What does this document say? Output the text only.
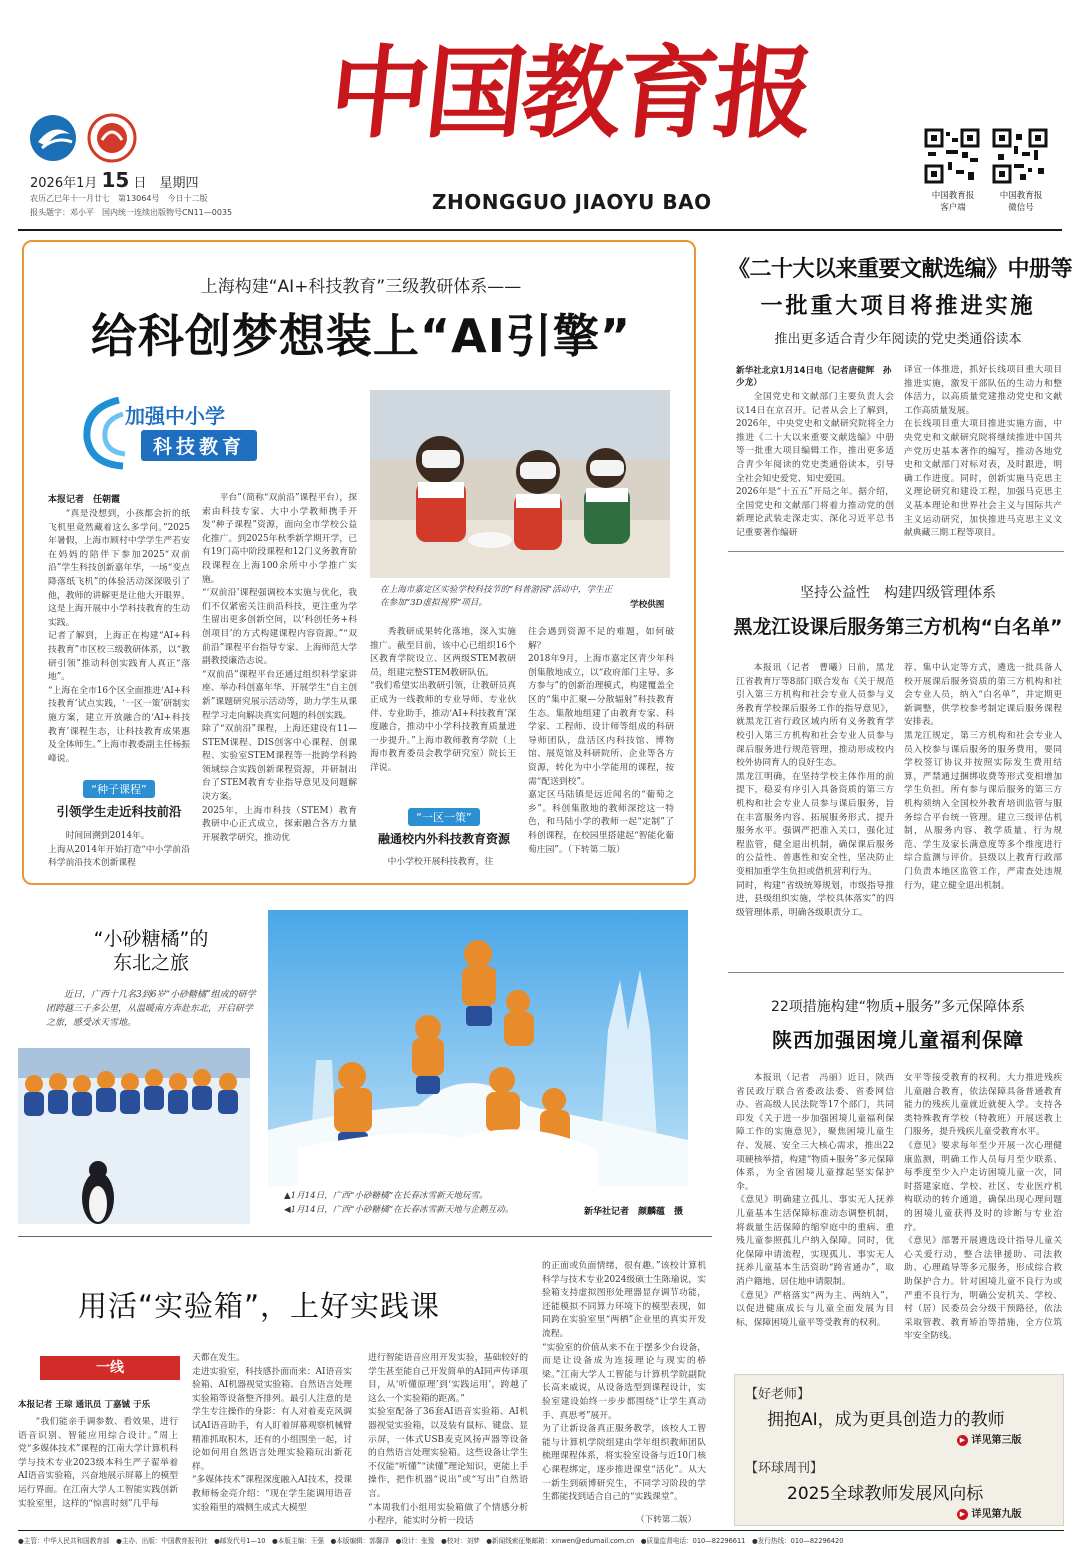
2026年1月 15 日　 星期四
农历乙巳年十一月廿七　第13064号　今日十二版
报头题字：邓小平　国内统一连续出版物号CN11—0035
中国教育报
ZHONGGUO JIAOYU BAO	中国教育报
客户端
中国教育报
微信号
上海构建“AI+科技教育”三级教研体系——
给科创梦想装上“AI引擎”
加强中小学
科技教育
在上海市嘉定区实验学校科技节的“科普游园”活动中，学生正在参加“3D虚拟视界”项目。	学校供图
本报记者　任朝霞
“真是没想到，小孩都会折的纸飞机里竟然藏着这么多学问。”2025年暑假，上海市顾村中学学生严若安在妈妈的陪伴下参加2025“双前沿”学生科技创新嘉年华，一场“变点降落纸飞机”的体验活动深深吸引了他，教师的讲解更是让他大开眼界。这是上海开展中小学科技教育的生动实践。
记者了解到，上海正在构建“AI+科技教育”市区校三级教研体系，以“教研引领”推动科创实践育人真正“落地”。
“上海在全市16个区全面推进‘AI+科技教育’试点实践，‘一区一策’研制实施方案，建立开放融合的‘AI+科技教育’课程生态，让科技教育成果惠及全体师生。”上海市教委副主任杨振峰说。
“种子课程”
引领学生走近科技前沿
时间回溯到2014年。
上海从2014年开始打造“中小学前沿科学前沿技术创新课程
平台”（简称“双前沿”课程平台），探索由科技专家、大中小学教师携手开发“种子课程”资源，面向全市学校公益化推广。到2025年秋季新学期开学，已有19门高中阶段课程和12门义务教育阶段课程在上海100余所中小学推广实施。
“‘双前沿’课程强调校本实施与优化，我们不仅紧密关注前沿科技，更注重为学生留出更多创新空间，以‘科创任务+科创项目’的方式构建课程内容资源。”“双前沿”课程平台指导专家、上海师范大学副教授廉浩志说。
“双前沿”课程平台还通过组织科学家讲座、举办科创嘉年华、开展学生“自主创新”课题研究展示活动等，助力学生从课程学习走向解决真实问题的科创实践。
除了“双前沿”课程，上海还建设有11—STEM课程、DIS创客中心课程、创课程、实验室STEM课程等一批跨学科跨领域综合实践创新课程资源，并研制出台了STEM教育专业指导意见及问题解决方案。
2025年，上海市科技（STEM）教育教研中心正式成立，探索融合各方力量开展教学研究，推动优
秀教研成果转化落地，深入实施推广。截至目前，该中心已组织16个区教育学院设立、区两级STEM教研员，组建完整STEM教研队伍。
“我们希望实出教研引领，让教研员真正成为一线教师的专业导师、专业伙伴、专业助手，推动‘AI+科技教育’深度融合，推动中小学科技教育质量进一步提升。”上海市教师教育学院（上海市教育委员会教学研究室）院长王洋说。
“一区一策”
融通校内外科技教育资源
中小学校开展科技教育，往
往会遇到资源不足的难题，如何破解？
2018年9月，上海市嘉定区青少年科创集散地成立，以“政府部门主导、多方参与”的创新治理模式，构建覆盖全区的“集中汇聚—分散辐射”科技教育生态。集散地组建了由教育专家、科学家、工程师、设计师等组成的科研导师团队，盘活区内科技馆、博物馆、展览馆及科研院所、企业等各方资源，转化为中小学能用的课程，按需“配送到校”。
嘉定区马陆镇是远近闻名的“葡萄之乡”。科创集散地的教师深挖这一特色，和马陆小学的教师一起“定制”了科创课程，在校园里搭建起“智能化葡萄庄园”。（下转第二版）
《二十大以来重要文献选编》中册等
一批重大项目将推进实施
推出更多适合青少年阅读的党史类通俗读本
新华社北京1月14日电（记者唐健辉　孙少龙）
全国党史和文献部门主要负责人会议14日在京召开。记者从会上了解到，2026年，中央党史和文献研究院将全力推进《二十大以来重要文献选编》中册等一批重大项目编辑工作，推出更多适合青少年阅读的党史类通俗读本，引导全社会知史爱党、知史爱国。
2026年是“十五五”开局之年。据介绍，全国党史和文献部门将着力推动党的创新理论武装走深走实、深化习近平总书记重要著作编研
译宣一体推进，抓好长线项目重大项目推进实施，激发干部队伍的生动力和整体活力，以高质量党建推动党史和文献工作高质量发展。
在长线项目重大项目推进实施方面，中央党史和文献研究院将继续推进中国共产党历史基本著作的编写，推动各地党史和文献部门对标对表，及时跟进，明确工作进度。同时，创新实施马克思主义理论研究和建设工程，加强马克思主义基本理论和世界社会主义与国际共产主义运动研究，加快推进马克思主义文献典藏三期工程等项目。
坚持公益性　构建四级管理体系
黑龙江设课后服务第三方机构“白名单”
本报讯（记者　曹曦）日前，黑龙江省教育厅等8部门联合发布《关于规范引入第三方机构和社会专业人员参与义务教育学校课后服务工作的指导意见》，就黑龙江省行政区域内所有义务教育学校引入第三方机构和社会专业人员参与课后服务进行规范管理，推动形成校内校外协同育人的良好生态。
黑龙江明确，在坚持学校主体作用的前提下，稳妥有序引入具备资质的第三方机构和社会专业人员参与课后服务，旨在丰富服务内容、拓展服务形式、提升服务水平。强调严把准入关口，强化过程监管，健全退出机制，确保课后服务的公益性、普惠性和安全性，坚决防止变相加重学生负担或借机营利行为。
同时，构建“省级统筹规划，市级指导推进，县级组织实施，学校具体落实”的四级管理体系，明确各级职责分工。
荐、集中认定等方式，遴选一批具备人校开展课后服务资质的第三方机构和社会专业人员，纳入“白名单”，并定期更新调整，供学校参考制定课后服务课程安排表。
黑龙江规定，第三方机构和社会专业人员入校参与课后服务的服务费用，要同学校签订协议并按照实际发生费用结算，严禁通过捆绑收费等形式变相增加学生负担。所有参与课后服务的第三方机构须纳入全国校外教育培训监管与服务综合平台统一管理。建立三级评估机制，从服务内容、教学质量、行为规范、学生及家长满意度等多个维度进行综合监测与评价。县级以上教育行政部门负责本地区监管工作，严肃查处违规行为，建立健全退出机制。
22项措施构建“物质+服务”多元保障体系
陕西加强困境儿童福利保障
本报讯（记者　冯丽）近日，陕西省民政厅联合省委政法委、省委网信办、省高级人民法院等17个部门，共同印发《关于进一步加强困境儿童福利保障工作的实施意见》，聚焦困境儿童生存、发展、安全三大核心需求，推出22项硬核举措，构建“物质+服务”多元保障体系，为全省困境儿童撑起坚实保护伞。
《意见》明确建立孤儿、事实无人抚养儿童基本生活保障标准动态调整机制，将裁量生活保障的缩窄庭中的重病、重残儿童参照孤儿户纳入保障。同时，优化保障申请流程，实现孤儿、事实无人抚养儿童基本生活资助“跨省通办”，取消户籍地、居住地申请限制。
《意见》严格落实“两为主、两纳入”，以促进健康成长与儿童全面发展为目标，保障困境儿童平等受教育的权利。
女平等接受教育的权利。大力推进残疾儿童融合教育，依法保障具备普通教育能力的残疾儿童就近就便入学。支持各类特殊教育学校（特教班）开展送教上门服务，提升残疾儿童受教育水平。
《意见》要求每年至少开展一次心理健康监测，明确工作人员每月至少联系、每季度至少入户走访困境儿童一次，同时搭建家庭、学校、社区、专业医疗机构联动的转介通道，确保出现心理问题的困境儿童获得及时的诊断与专业治疗。
《意见》部署开展遴选设计指导儿童关心关爱行动，整合法律援助、司法救助、心理疏导等多元服务，形成综合救助保护合力。针对困境儿童不良行为或严重不良行为，明确公安机关、学校、村（居）民委员会分级干预路径，依法采取管教、教育矫治等措施，全方位筑牢安全防线。
【好老师】
拥抱AI，成为更具创造力的教师
▶ 详见第三版
【环球周刊】
2025全球教师发展风向标
▶ 详见第九版
“小砂糖橘”的
东北之旅
近日，广西十几名3到6岁“小砂糖橘”组成的研学团跨越三千多公里，从温暖南方奔赴东北，开启研学之旅，感受冰天雪地。
▲1月14日，广西“小砂糖橘”在长春冰雪新天地玩雪。
◀1月14日，广西“小砂糖橘”在长春冰雪新天地与企鹅互动。	新华社记者　颜麟蕴　摄
用活“实验箱”，上好实践课
一线
本报记者 王琼 通讯员 丁嘉铖 于乐
“我们能亲手调参数、看效果，进行语音识别、智能应用综合设计。”周上党“多媒体技术”课程的江南大学计算机科学与技术专业2023级本科生严子翟举着AI语音实验箱，兴奋地展示屏幕上的模型运行界面。在江南大学人工智能实践创新实验室里，这样的“惊喜时刻”几乎每
天都在发生。
走进实验室，科技感扑面而来：AI语音实验箱、AI机器视觉实验箱、自然语言处理实验箱等设备整齐排列。最引人注意的是学生专注操作的身影：有人对着麦克风调试AI语音助手，有人盯着屏幕观察机械臂精准抓取积木，还有的小组围坐一起，讨论如何用自然语言处理实验箱玩出新花样。
“多媒体技术”课程深度融入AI技术，授课教师杨金亮介绍：“现在学生能调用语音实验箱里的端侧生成式大模型
进行智能语音应用开发实验，基础较好的学生甚至能自己开发简单的AI同声传译项目，从‘听懂原理’到‘实践运用’，跨越了这么一个实验箱的距离。”
实验室配备了36套AI语音实验箱、AI机器视觉实验箱，以及装有鼠标、键盘、显示屏，一体式USB麦克风扬声器等设备的自然语言处理实验箱。这些设备让学生不仅能“听懂”“读懂”理论知识，更能上手操作，把作机器“说出”或“写出”自然语言。
“本周我们小组用实验箱做了个情感分析小程序，能实时分析一段话
的正面或负面情绪，很有趣。”该校计算机科学与技术专业2024级硕士生陈瑜说，实验箱支持虚拟图形处理器显存调节功能，还能模拟不同算力环境下的模型表现，如同跨在实验室里“两栖”企业里的真实开发流程。
“实验室的价值从来不在于摆多少台设备，而是让设备成为连接理论与现实的桥梁。”江南大学人工智能与计算机学院副院长高来威说，从设备选型到课程设计，实验室建设始终一步步都围绕“让学生真动手、真思考”展开。
为了让新设备真正服务教学，该校人工智能与计算机学院组建由学年组织教师团队梳理课程体系，将实验室设备与近10门核心课程绑定，逐步推进课堂“活化”。从大一新生到硕博研究生，不同学习阶段的学生都能找到适合自己的“实践课堂”。
（下转第二版）
●主管：中华人民共和国教育部　●主办、出版：中国教育报刊社　●邮发代号1—10　●本版主编：王强　●本版编辑：郭馨泽　●设计：张豫　●校对：刘梦　●新闻线索征集邮箱：xinwen@edumail.com.cn　●质量监督电话：010—82296611　●发行热线：010—82296420
